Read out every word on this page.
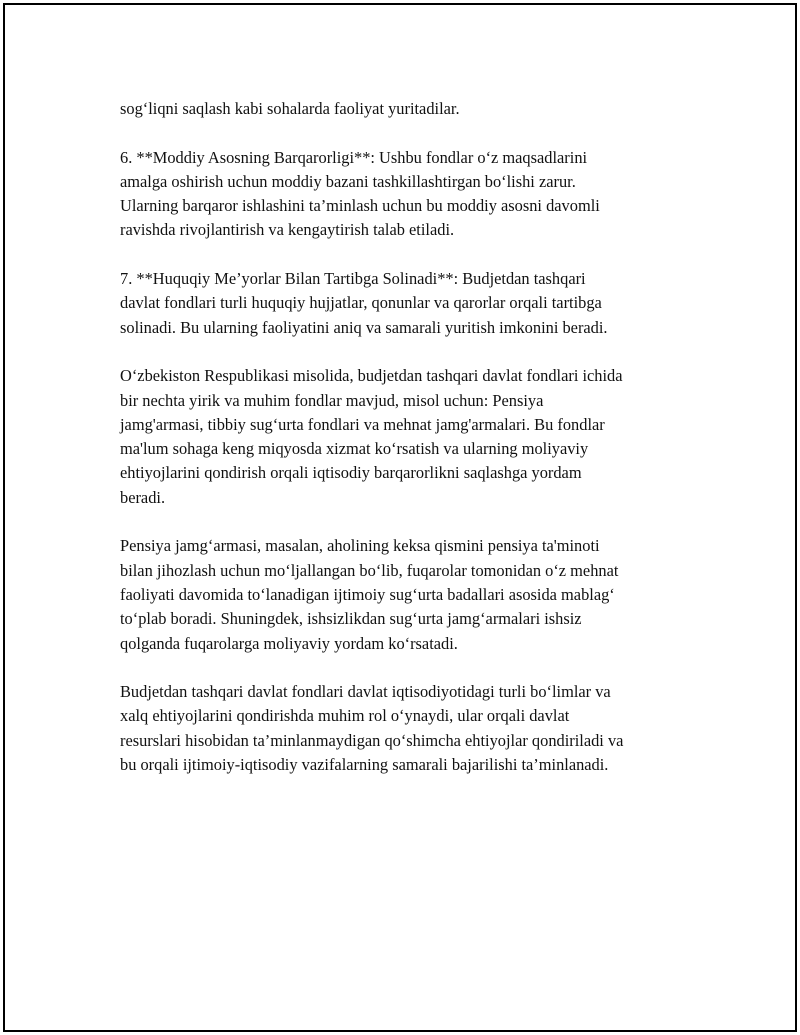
sog‘liqni saqlash kabi sohalarda faoliyat yuritadilar.

6. **Moddiy Asosning Barqarorligi**: Ushbu fondlar o‘z maqsadlarini
amalga oshirish uchun moddiy bazani tashkillashtirgan bo‘lishi zarur.
Ularning barqaror ishlashini ta’minlash uchun bu moddiy asosni davomli
ravishda rivojlantirish va kengaytirish talab etiladi.

7. **Huquqiy Me’yorlar Bilan Tartibga Solinadi**: Budjetdan tashqari
davlat fondlari turli huquqiy hujjatlar, qonunlar va qarorlar orqali tartibga
solinadi. Bu ularning faoliyatini aniq va samarali yuritish imkonini beradi.

O‘zbekiston Respublikasi misolida, budjetdan tashqari davlat fondlari ichida
bir nechta yirik va muhim fondlar mavjud, misol uchun: Pensiya
jamg'armasi, tibbiy sug‘urta fondlari va mehnat jamg'armalari. Bu fondlar
ma'lum sohaga keng miqyosda xizmat ko‘rsatish va ularning moliyaviy
ehtiyojlarini qondirish orqali iqtisodiy barqarorlikni saqlashga yordam
beradi.

Pensiya jamg‘armasi, masalan, aholining keksa qismini pensiya ta'minoti
bilan jihozlash uchun mo‘ljallangan bo‘lib, fuqarolar tomonidan o‘z mehnat
faoliyati davomida to‘lanadigan ijtimoiy sug‘urta badallari asosida mablag‘
to‘plab boradi. Shuningdek, ishsizlikdan sug‘urta jamg‘armalari ishsiz
qolganda fuqarolarga moliyaviy yordam ko‘rsatadi.

Budjetdan tashqari davlat fondlari davlat iqtisodiyotidagi turli bo‘limlar va
xalq ehtiyojlarini qondirishda muhim rol o‘ynaydi, ular orqali davlat
resurslari hisobidan ta’minlanmaydigan qo‘shimcha ehtiyojlar qondiriladi va
bu orqali ijtimoiy-iqtisodiy vazifalarning samarali bajarilishi ta’minlanadi.
